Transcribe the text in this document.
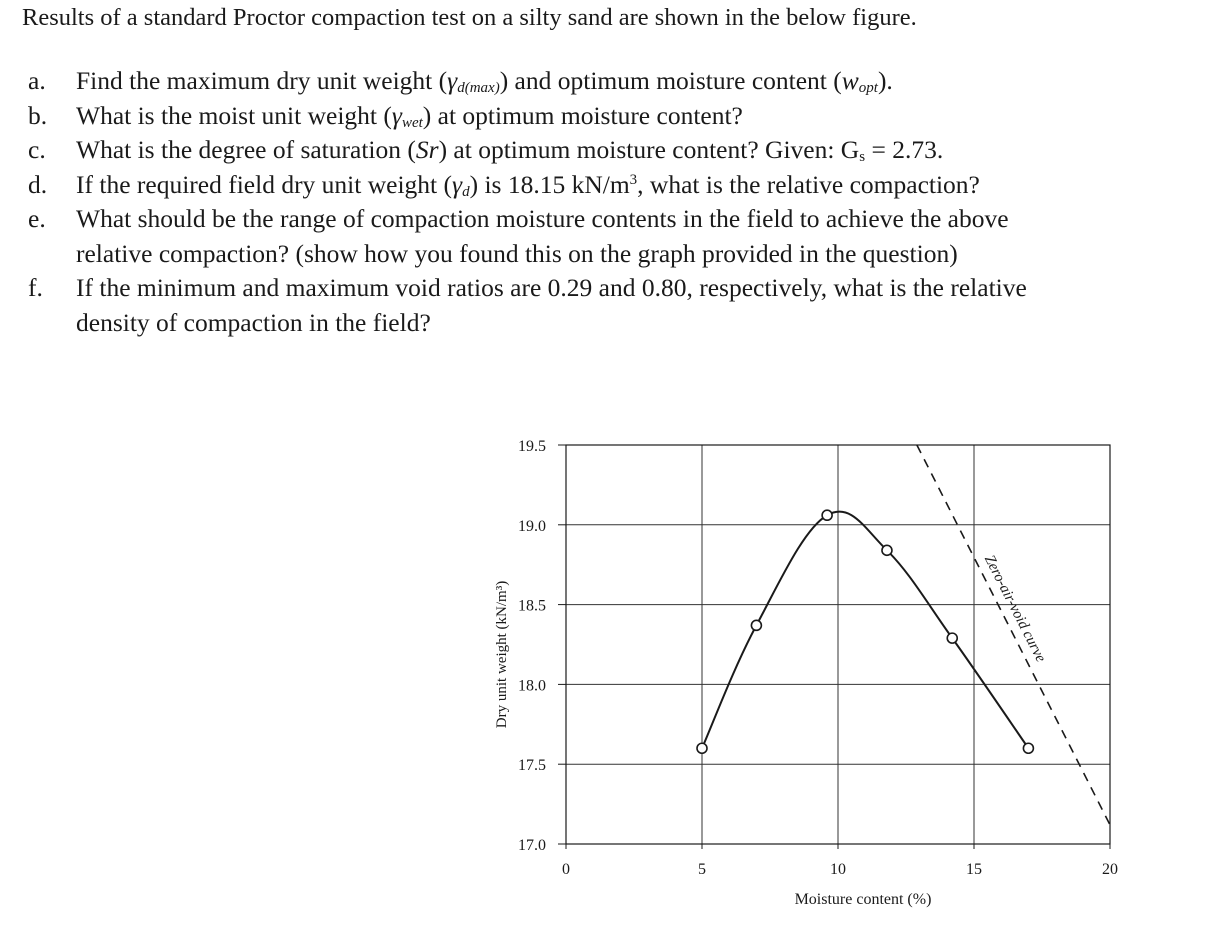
Results of a standard Proctor compaction test on a silty sand are shown in the below figure.
a.	Find the maximum dry unit weight $(\gamma_{d(max)})$ and optimum moisture content $(w_{opt})$.
b.	What is the moist unit weight $(\gamma_{wet})$ at optimum moisture content?
c.	What is the degree of saturation (Sr) at optimum moisture content? Given: $G_s = 2.73$.
d.	If the required field dry unit weight $(\gamma_d)$ is 18.15 $kN/m^3$, what is the relative compaction?
e.	What should be the range of compaction moisture contents in the field to achieve the above
relative compaction? (show how you found this on the graph provided in the question)
f.	If the minimum and maximum void ratios are 0.29 and 0.80, respectively, what is the relative
density of compaction in the field?
0	5	10	15	20
17.0
17.5
18.0
18.5
19.0
19.5
Moisture content (%)
Dry unit weight (kN/m³)	Zero-air-void curve
